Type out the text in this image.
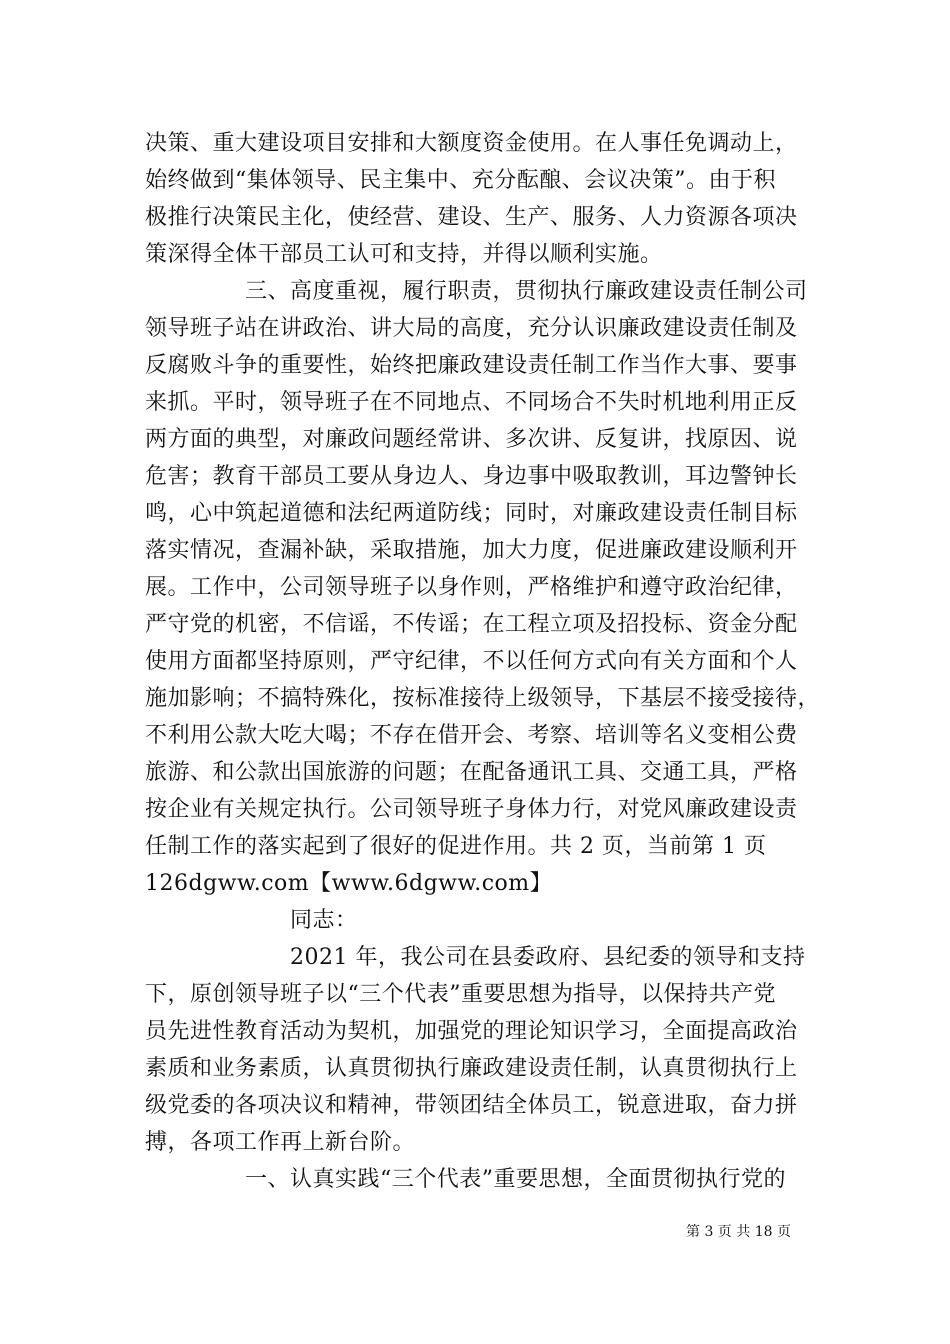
决策、重大建设项目安排和大额度资金使用。在人事任免调动上，
始终做到“集体领导、民主集中、充分酝酿、会议决策”。由于积
极推行决策民主化，使经营、建设、生产、服务、人力资源各项决
策深得全体干部员工认可和支持，并得以顺利实施。
三、高度重视，履行职责，贯彻执行廉政建设责任制公司
领导班子站在讲政治、讲大局的高度，充分认识廉政建设责任制及
反腐败斗争的重要性，始终把廉政建设责任制工作当作大事、要事
来抓。平时，领导班子在不同地点、不同场合不失时机地利用正反
两方面的典型，对廉政问题经常讲、多次讲、反复讲，找原因、说
危害；教育干部员工要从身边人、身边事中吸取教训，耳边警钟长
鸣，心中筑起道德和法纪两道防线；同时，对廉政建设责任制目标
落实情况，查漏补缺，采取措施，加大力度，促进廉政建设顺利开
展。工作中，公司领导班子以身作则，严格维护和遵守政治纪律，
严守党的机密，不信谣，不传谣；在工程立项及招投标、资金分配
使用方面都坚持原则，严守纪律，不以任何方式向有关方面和个人
施加影响；不搞特殊化，按标准接待上级领导，下基层不接受接待，
不利用公款大吃大喝；不存在借开会、考察、培训等名义变相公费
旅游、和公款出国旅游的问题；在配备通讯工具、交通工具，严格
按企业有关规定执行。公司领导班子身体力行，对党风廉政建设责
任制工作的落实起到了很好的促进作用。共 2 页，当前第 1 页
126dgww.com【www.6dgww.com】
同志：
2021 年，我公司在县委政府、县纪委的领导和支持
下，原创领导班子以“三个代表”重要思想为指导，以保持共产党
员先进性教育活动为契机，加强党的理论知识学习，全面提高政治
素质和业务素质，认真贯彻执行廉政建设责任制，认真贯彻执行上
级党委的各项决议和精神，带领团结全体员工，锐意进取，奋力拼
搏，各项工作再上新台阶。
一、认真实践“三个代表”重要思想，全面贯彻执行党的
第 3 页 共 18 页
